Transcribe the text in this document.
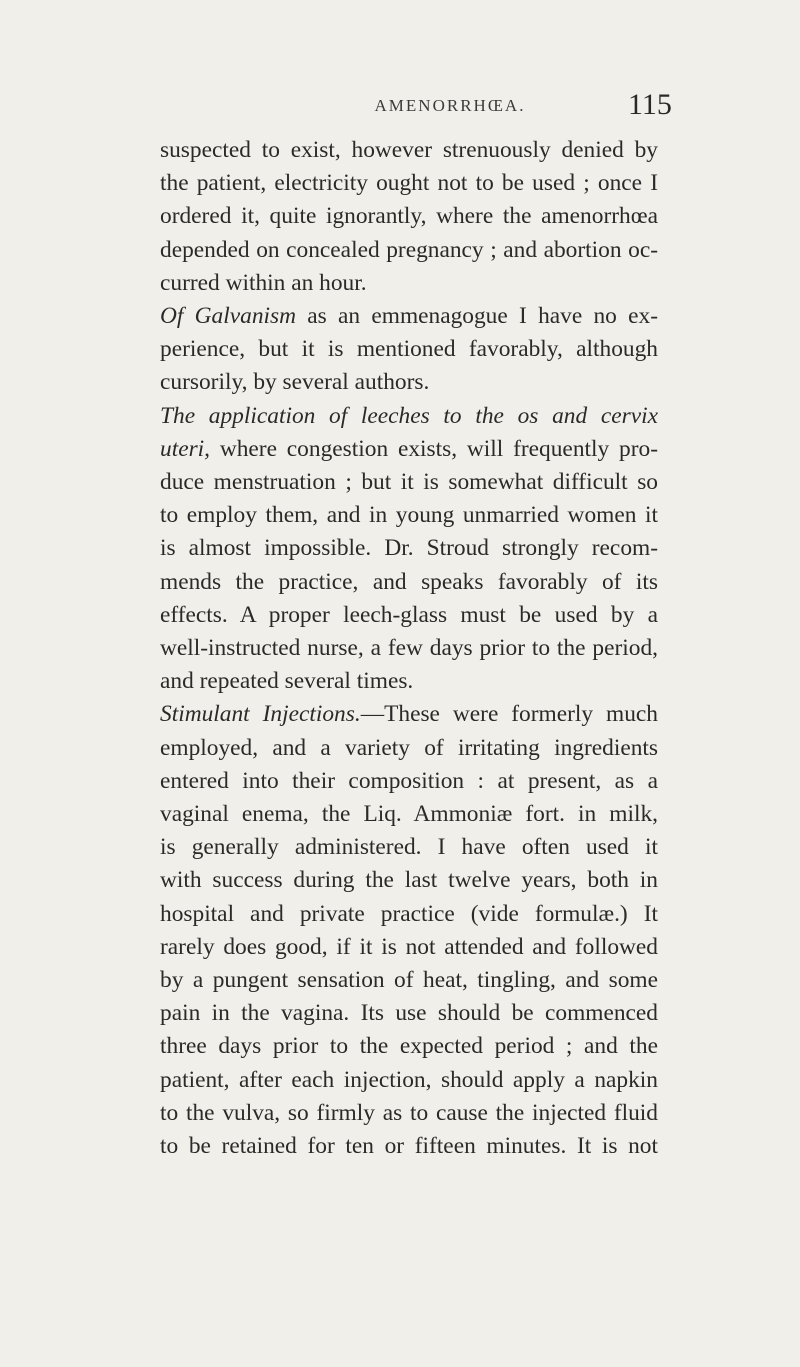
AMENORRHŒA.	115
suspected to exist, however strenuously denied by
the patient, electricity ought not to be used ; once I
ordered it, quite ignorantly, where the amenorrhœa
depended on concealed pregnancy ; and abortion oc-
curred within an hour.
Of Galvanism as an emmenagogue I have no ex-
perience, but it is mentioned favorably, although
cursorily, by several authors.
The application of leeches to the os and cervix
uteri, where congestion exists, will frequently pro-
duce menstruation ; but it is somewhat difficult so
to employ them, and in young unmarried women it
is almost impossible. Dr. Stroud strongly recom-
mends the practice, and speaks favorably of its
effects. A proper leech-glass must be used by a
well-instructed nurse, a few days prior to the period,
and repeated several times.
Stimulant Injections.—These were formerly much
employed, and a variety of irritating ingredients
entered into their composition : at present, as a
vaginal enema, the Liq. Ammoniæ fort. in milk,
is generally administered. I have often used it
with success during the last twelve years, both in
hospital and private practice (vide formulæ.) It
rarely does good, if it is not attended and followed
by a pungent sensation of heat, tingling, and some
pain in the vagina. Its use should be commenced
three days prior to the expected period ; and the
patient, after each injection, should apply a napkin
to the vulva, so firmly as to cause the injected fluid
to be retained for ten or fifteen minutes. It is not
